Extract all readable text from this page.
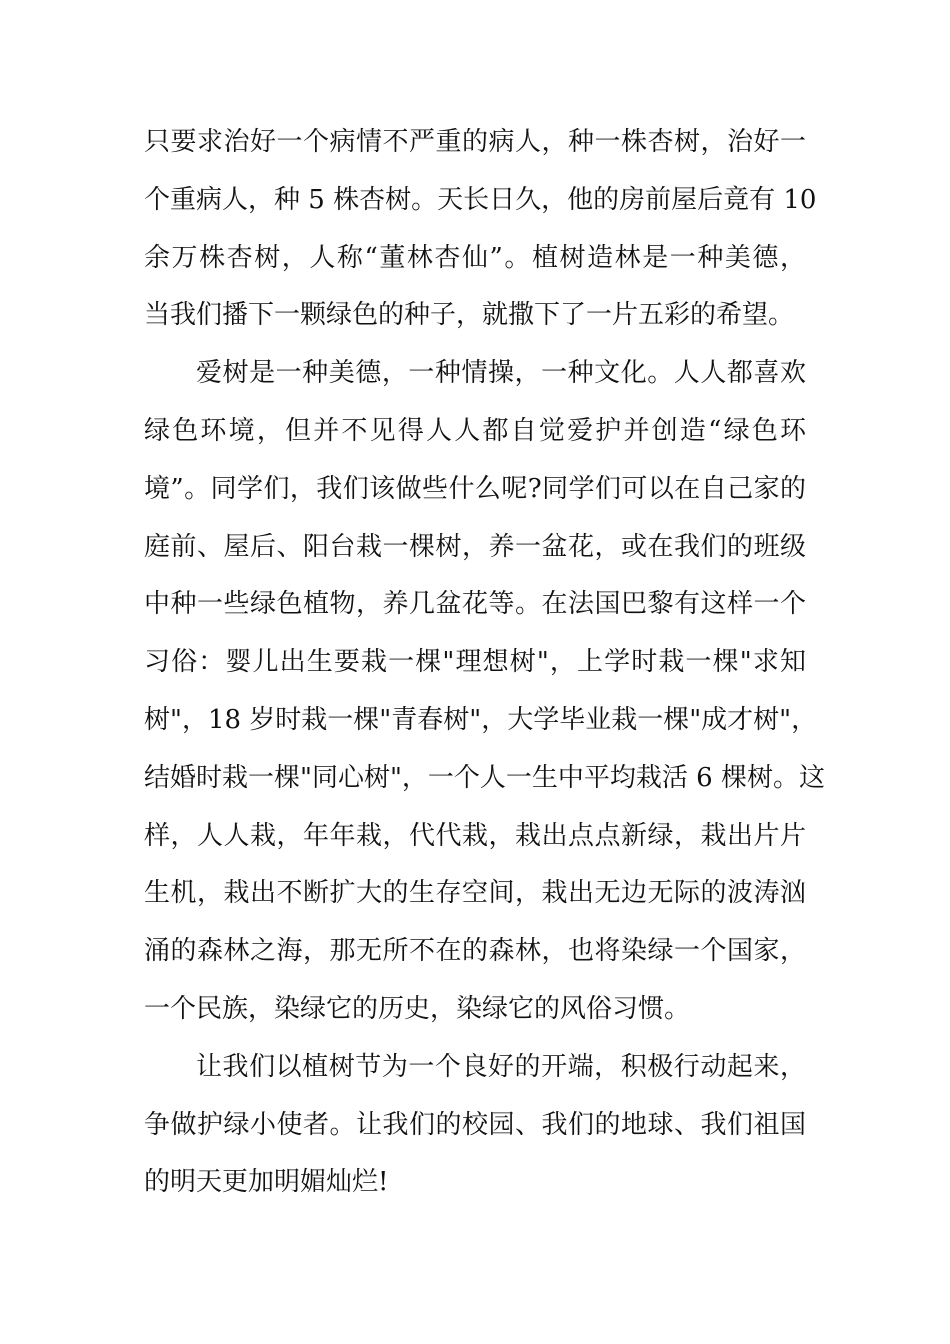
只要求治好一个病情不严重的病人，种一株杏树，治好一
个重病人，种 5 株杏树。天长日久，他的房前屋后竟有 10
余万株杏树，人称“董林杏仙”。植树造林是一种美德，
当我们播下一颗绿色的种子，就撒下了一片五彩的希望。
爱树是一种美德，一种情操，一种文化。人人都喜欢
绿色环境，但并不见得人人都自觉爱护并创造“绿色环
境”。同学们，我们该做些什么呢?同学们可以在自己家的
庭前、屋后、阳台栽一棵树，养一盆花，或在我们的班级
中种一些绿色植物，养几盆花等。在法国巴黎有这样一个
习俗：婴儿出生要栽一棵"理想树"，上学时栽一棵"求知
树"，18 岁时栽一棵"青春树"，大学毕业栽一棵"成才树"，
结婚时栽一棵"同心树"，一个人一生中平均栽活 6 棵树。这
样，人人栽，年年栽，代代栽，栽出点点新绿，栽出片片
生机，栽出不断扩大的生存空间，栽出无边无际的波涛汹
涌的森林之海，那无所不在的森林，也将染绿一个国家，
一个民族，染绿它的历史，染绿它的风俗习惯。
让我们以植树节为一个良好的开端，积极行动起来，
争做护绿小使者。让我们的校园、我们的地球、我们祖国
的明天更加明媚灿烂!
